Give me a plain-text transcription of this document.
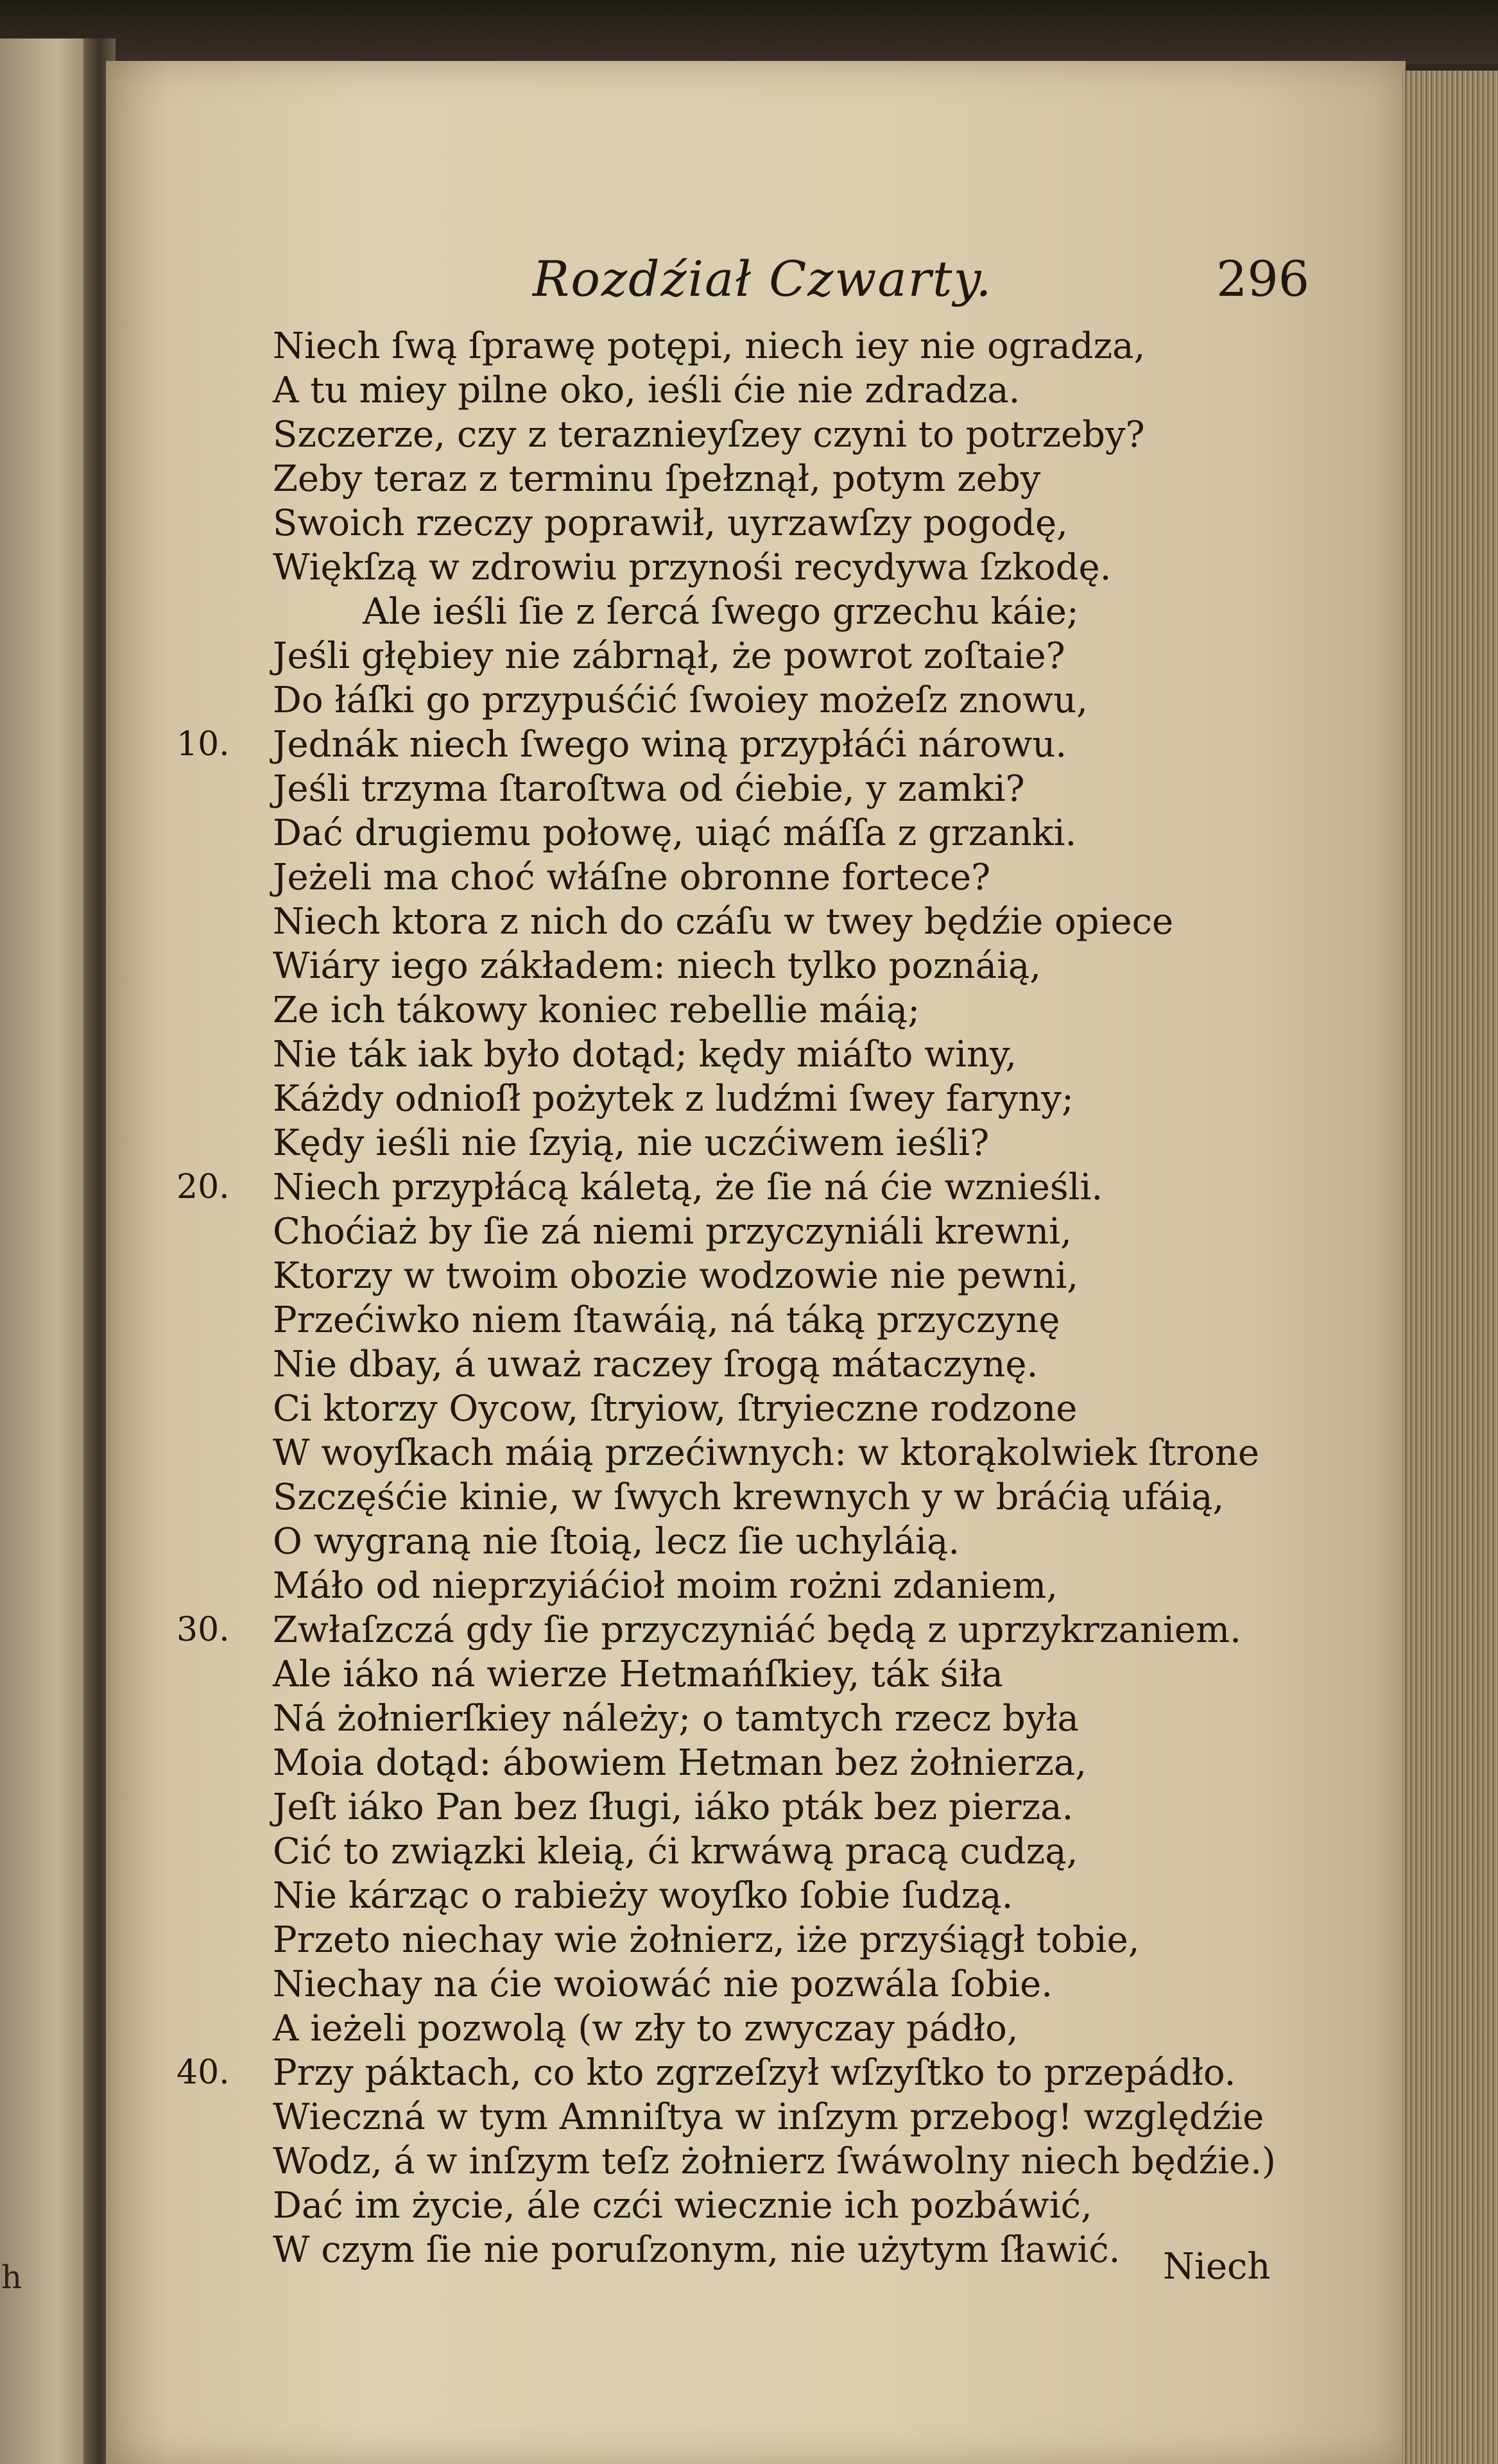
h
Rozdźiał Czwarty.	296
Niech ſwą ſprawę potępi, niech iey nie ogradza,
A tu miey pilne oko, ieśli ćie nie zdradza.
Szczerze, czy z teraznieyſzey czyni to potrzeby?
Zeby teraz z terminu ſpełznął, potym zeby
Swoich rzeczy poprawił, uyrzawſzy pogodę,
Więkſzą w zdrowiu przynośi recydywa ſzkodę.
Ale ieśli ſie z ſercá ſwego grzechu káie;
Jeśli głębiey nie zábrnął, że powrot zoſtaie?
Do łáſki go przypuśćić ſwoiey możeſz znowu,
10. Jednák niech ſwego winą przypłáći nárowu.
Jeśli trzyma ſtaroſtwa od ćiebie, y zamki?
Dać drugiemu połowę, uiąć máſſa z grzanki.
Jeżeli ma choć włáſne obronne fortece?
Niech ktora z nich do czáſu w twey będźie opiece
Wiáry iego zákładem: niech tylko poznáią,
Ze ich tákowy koniec rebellie máią;
Nie ták iak było dotąd; kędy miáſto winy,
Káżdy odnioſł pożytek z ludźmi ſwey faryny;
Kędy ieśli nie ſzyią, nie uczćiwem ieśli?
20. Niech przypłácą káletą, że ſie ná ćie wznieśli.
Choćiaż by ſie zá niemi przyczyniáli krewni,
Ktorzy w twoim obozie wodzowie nie pewni,
Przećiwko niem ſtawáią, ná táką przyczynę
Nie dbay, á uważ raczey ſrogą mátaczynę.
Ci ktorzy Oycow, ſtryiow, ſtryieczne rodzone
W woyſkach máią przećiwnych: w ktorąkolwiek ſtrone
Szczęśćie kinie, w ſwych krewnych y w bráćią ufáią,
O wygraną nie ſtoią, lecz ſie uchyláią.
Máło od nieprzyiáćioł moim rożni zdaniem,
30. Zwłaſzczá gdy ſie przyczyniáć będą z uprzykrzaniem.
Ale iáko ná wierze Hetmańſkiey, ták śiła
Ná żołnierſkiey náleży; o tamtych rzecz była
Moia dotąd: ábowiem Hetman bez żołnierza,
Jeſt iáko Pan bez ſługi, iáko pták bez pierza.
Cić to związki kleią, ći krwáwą pracą cudzą,
Nie kárząc o rabieży woyſko ſobie ſudzą.
Przeto niechay wie żołnierz, iże przyśiągł tobie,
Niechay na ćie woiowáć nie pozwála ſobie.
A ieżeli pozwolą (w zły to zwyczay pádło,
40. Przy páktach, co kto zgrzeſzył wſzyſtko to przepádło.
Wieczná w tym Amniſtya w inſzym przebog! względźie
Wodz, á w inſzym teſz żołnierz ſwáwolny niech będźie.)
Dać im życie, ále czći wiecznie ich pozbáwić,
W czym ſie nie poruſzonym, nie użytym ſławić.	Niech
